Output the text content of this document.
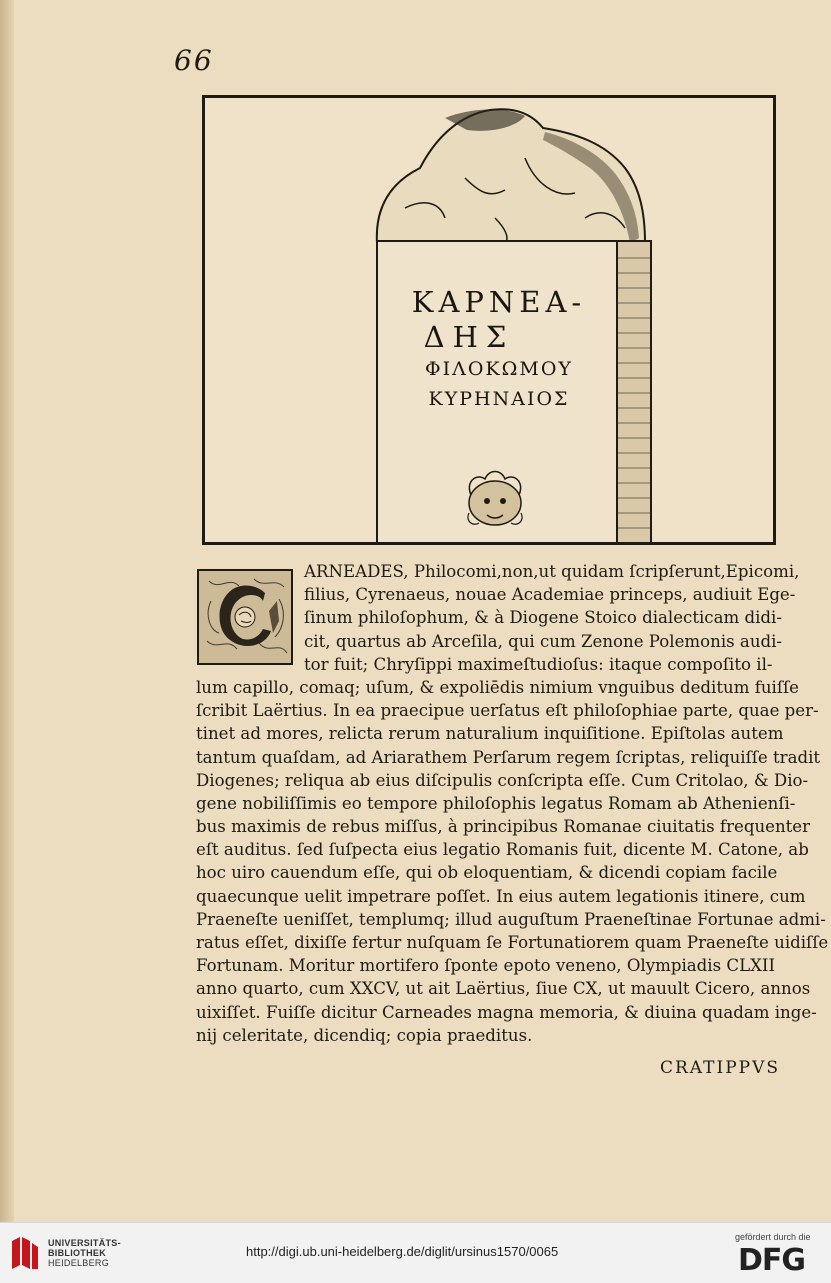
66
ΚΑΡΝΕΑ-
ΔΗΣ
ΦΙΛΟΚΩΜΟΥ
ΚΥΡΗΝΑΙΟΣ
ARNEADES, Philocomi,non,ut quidam ſcripſerunt,Epicomi,
filius, Cyrenaeus, nouae Academiae princeps, audiuit Ege-
ſinum philoſophum, & à Diogene Stoico dialecticam didi-
cit, quartus ab Arceſila, qui cum Zenone Polemonis audi-
tor fuit; Chryſippi maximeſtudioſus: itaque compoſito il-
lum capillo, comaq; uſum, & expoliēdis nimium vnguibus deditum fuiſſe
ſcribit Laërtius. In ea praecipue uerſatus eſt philoſophiae parte, quae per-
tinet ad mores, relicta rerum naturalium inquiſitione. Epiſtolas autem
tantum quaſdam, ad Ariarathem Perſarum regem ſcriptas, reliquiſſe tradit
Diogenes; reliqua ab eius diſcipulis conſcripta eſſe. Cum Critolao, & Dio-
gene nobiliſſimis eo tempore philoſophis legatus Romam ab Athenienſi-
bus maximis de rebus miſſus, à principibus Romanae ciuitatis frequenter
eſt auditus. ſed ſuſpecta eius legatio Romanis fuit, dicente M. Catone, ab
hoc uiro cauendum eſſe, qui ob eloquentiam, & dicendi copiam facile
quaecunque uelit impetrare poſſet. In eius autem legationis itinere, cum
Praeneſte ueniſſet, templumq; illud auguſtum Praeneſtinae Fortunae admi-
ratus eſſet, dixiſſe fertur nuſquam ſe Fortunatiorem quam Praeneſte uidiſſe
Fortunam. Moritur mortifero ſponte epoto veneno, Olympiadis CLXII
anno quarto, cum XXCV, ut ait Laërtius, ſiue CX, ut mauult Cicero, annos
uixiſſet. Fuiſſe dicitur Carneades magna memoria, & diuina quadam inge-
nij celeritate, dicendiq; copia praeditus.
CRATIPPVS
UNIVERSITÄTS-
BIBLIOTHEK
HEIDELBERG
http://digi.ub.uni-heidelberg.de/diglit/ursinus1570/0065
gefördert durch die
DFG
